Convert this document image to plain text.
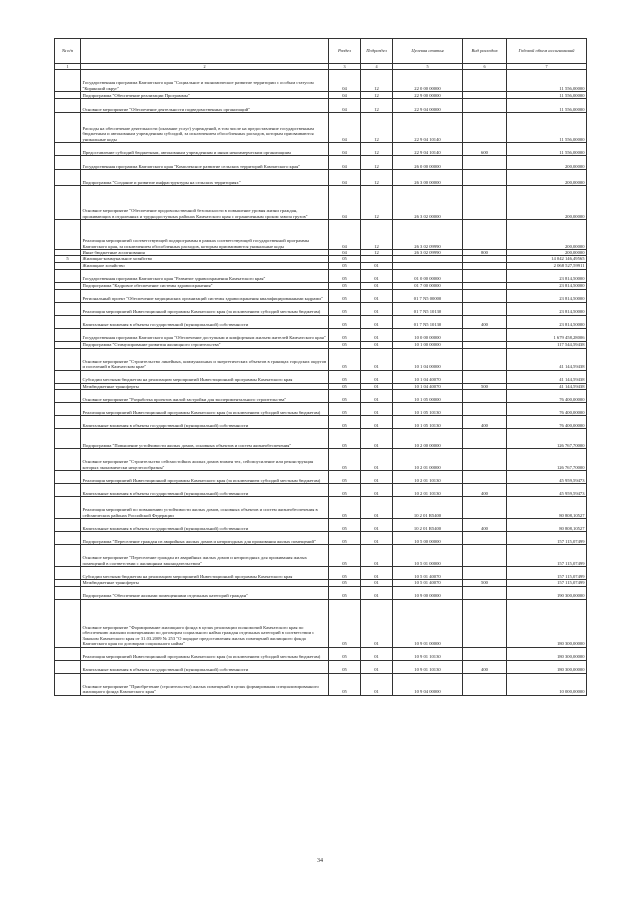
№ п/п		Раздел	Подраздел	Целевая статья	Вид расходов	Годовой объем ассигнований
1	2	3	4	5	6	7
	Государственная программа Камчатского края "Социальное и экономическое развитие территории с особым статусом "Корякский округ"	04	12	22 0 00 00000		11 556,00000
	Подпрограмма "Обеспечение реализации Программы"	04	12	22 9 00 00000		11 556,00000
	Основное мероприятие "Обеспечение деятельности подведомственных организаций"	04	12	22 9 04 00000		11 556,00000
	Расходы на обеспечение деятельности (оказание услуг) учреждений, в том числе на предоставление государственным бюджетным и автономным учреждениям субсидий, за исключением обособленных расходов, которым присваиваются уникальные коды	04	12	22 9 04 10140		11 556,00000
	Предоставление субсидий бюджетным, автономным учреждениям и иным некоммерческим организациям	04	12	22 9 04 10140	600	11 556,00000
	Государственная программа Камчатского края "Комплексное развитие сельских территорий Камчатского края"	04	12	26 0 00 00000		200,00000
	Подпрограмма "Создание и развитие инфраструктуры на сельских территориях"	04	12	26 3 00 00000		200,00000
	Основное мероприятие "Обеспечение продовольственной безопасности в повышение уровня жизни граждан, проживающих в отдаленных и труднодоступных районах Камчатского края с ограниченным сроком завоза грузов"	04	12	26 3 02 00000		200,00000
	Реализация мероприятий соответствующей подпрограммы в рамках соответствующей государственной программы Камчатского края, за исключением обособленных расходов, которым присваиваются уникальные коды	04	12	26 3 02 09990		200,00000
	Иные бюджетные ассигнования	04	12	26 3 02 09990	800	200,00000
5	Жилищно-коммунальное хозяйство	05				14 042 146,49565
	Жилищное хозяйство	05	01			2 068 527,59911
	Государственная программа Камчатского края "Развитие здравоохранения Камчатского края"	05	01	01 0 00 00000		23 814,50000
	Подпрограмма "Кадровое обеспечение системы здравоохранения"	05	01	01 7 00 00000		23 814,50000
	Региональный проект "Обеспечение медицинских организаций системы здравоохранения квалифицированными кадрами"	05	01	01 7 N5 00000		23 814,50000
	Реализация мероприятий Инвестиционной программы Камчатского края (за исключением субсидий местным бюджетам)	05	01	01 7 N5 10130		23 814,50000
	Капитальные вложения в объекты государственной (муниципальной) собственности	05	01	01 7 N5 10130	400	23 814,50000
	Государственная программа Камчатского края "Обеспечение доступным и комфортным жильем жителей Камчатского края"	05	01	10 0 00 00000		1 679 458,28006
	Подпрограмма "Стимулирование развития жилищного строительства"	05	01	10 1 00 00000		117 544,59438
	Основное мероприятие "Строительство линейных, коммунальных и энергетических объектов в границах городских округов и поселений в Камчатском крае"	05	01	10 1 04 00000		41 144,59438
	Субсидии местным бюджетам на реализацию мероприятий Инвестиционной программы Камчатского края	05	01	10 1 04 40070		41 144,59438
	Межбюджетные трансферты	05	01	10 1 04 40070	500	41 144,59438
	Основное мероприятие "Разработка проектов жилой застройки для экспериментального строительства"	05	01	10 1 05 00000		76 400,00000
	Реализация мероприятий Инвестиционной программы Камчатского края (за исключением субсидий местным бюджетам)	05	01	10 1 05 10130		76 400,00000
	Капитальные вложения в объекты государственной (муниципальной) собственности	05	01	10 1 05 10130	400	76 400,00000
	Подпрограмма "Повышение устойчивости жилых домов, основных объектов и систем жизнеобеспечения"	05	01	10 2 00 00000		126 767,70000
	Основное мероприятие "Строительство сейсмостойких жилых домов взамен тех, сейсмоусиление или реконструкция которых экономически нецелесообразны"	05	01	10 2 01 00000		126 767,70000
	Реализация мероприятий Инвестиционной программы Камчатского края (за исключением субсидий местным бюджетам)	05	01	10 2 01 10130		45 959,59473
	Капитальные вложения в объекты государственной (муниципальной) собственности	05	01	10 2 01 10130	400	45 959,59473
	Реализация мероприятий по повышению устойчивости жилых домов, основных объектов и систем жизнеобеспечения в сейсмических районах Российской Федерации	05	01	10 2 01 R5400		80 808,10527
	Капитальные вложения в объекты государственной (муниципальной) собственности	05	01	10 2 01 R5400	400	80 808,10527
	Подпрограмма "Переселение граждан из аварийных жилых домов и непригодных для проживания жилых помещений"	05	01	10 5 00 00000		157 115,07499
	Основное мероприятие "Переселение граждан из аварийных жилых домов и непригодных для проживания жилых помещений в соответствии с жилищным законодательством"	05	01	10 5 01 00000		157 115,07499
	Субсидии местным бюджетам на реализацию мероприятий Инвестиционной программы Камчатского края	05	01	10 5 01 40070		157 115,07499
	Межбюджетные трансферты	05	01	10 5 01 40070	500	157 115,07499
	Подпрограмма "Обеспечение жилыми помещениями отдельных категорий граждан"	05	01	10 9 00 00000		190 300,00000
	Основное мероприятие "Формирование жилищного фонда в целях реализации полномочий Камчатского края по обеспечению жилыми помещениями по договорам социального найма граждан отдельных категорий в соответствии с Законом Камчатского края от 31.03.2009 № 253 "О порядке предоставления жилых помещений жилищного фонда Камчатского края по договорам социального найма"	05	01	10 9 01 00000		180 300,00000
	Реализация мероприятий Инвестиционной программы Камчатского края (за исключением субсидий местным бюджетам)	05	01	10 9 01 10130		180 300,00000
	Капитальные вложения в объекты государственной (муниципальной) собственности	05	01	10 9 01 10130	400	180 300,00000
	Основное мероприятие "Приобретение (строительство) жилых помещений в целях формирования специализированного жилищного фонда Камчатского края"	05	01	10 9 04 00000		10 000,00000
34
